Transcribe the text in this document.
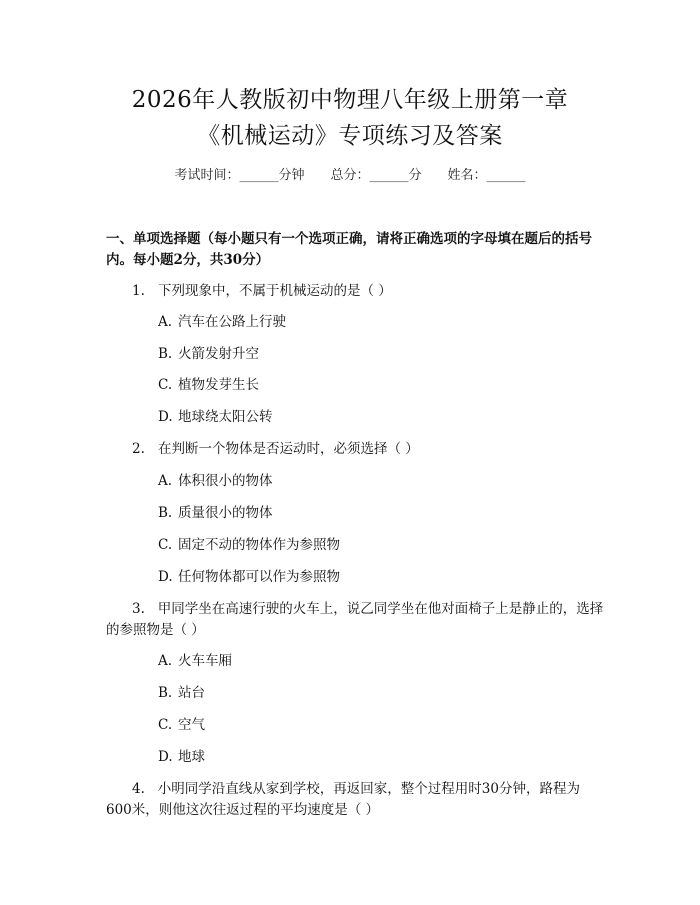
2026年人教版初中物理八年级上册第一章
《机械运动》专项练习及答案
考试时间：______分钟 总分：______分 姓名：______
一、单项选择题（每小题只有一个选项正确，请将正确选项的字母填在题后的括号内。每小题2分，共30分）
1. 下列现象中，不属于机械运动的是（ ）
A. 汽车在公路上行驶
B. 火箭发射升空
C. 植物发芽生长
D. 地球绕太阳公转
2. 在判断一个物体是否运动时，必须选择（ ）
A. 体积很小的物体
B. 质量很小的物体
C. 固定不动的物体作为参照物
D. 任何物体都可以作为参照物
3. 甲同学坐在高速行驶的火车上，说乙同学坐在他对面椅子上是静止的，选择的参照物是（ ）
A. 火车车厢
B. 站台
C. 空气
D. 地球
4. 小明同学沿直线从家到学校，再返回家，整个过程用时30分钟，路程为600米，则他这次往返过程的平均速度是（ ）
